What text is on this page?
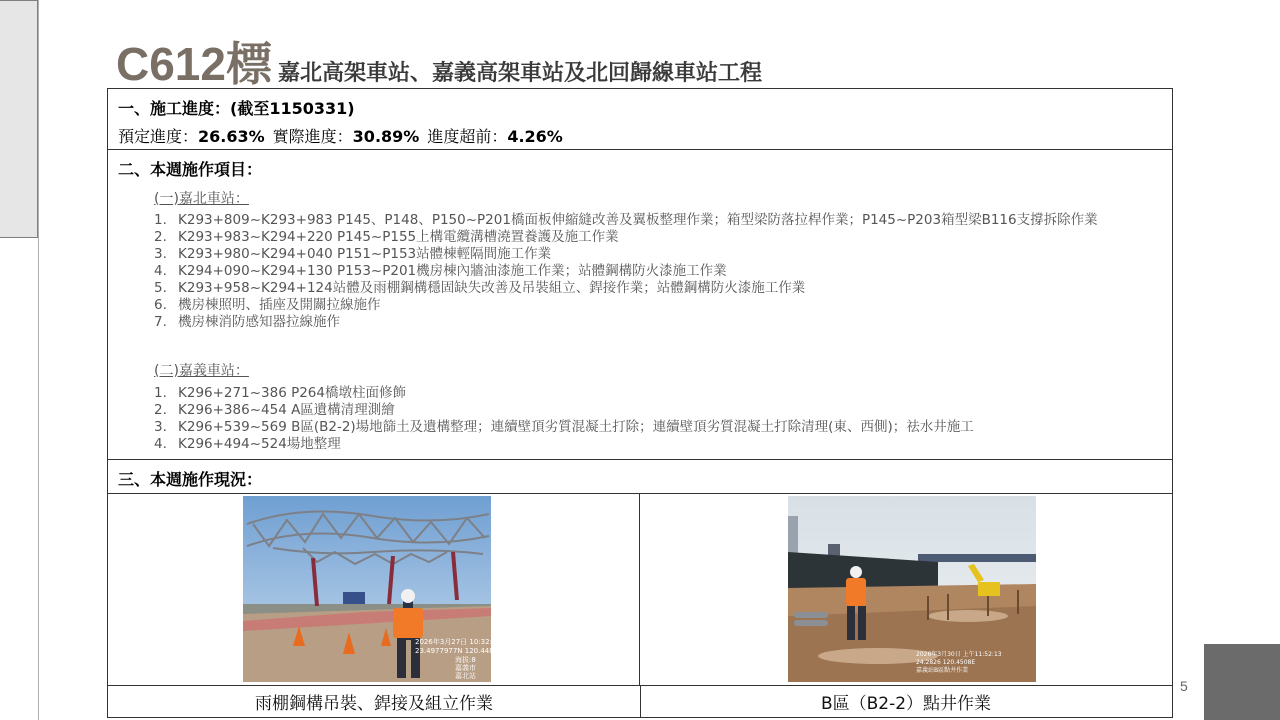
C612標 嘉北高架車站、嘉義高架車站及北回歸線車站工程
一、施工進度：(截至1150331)
預定進度：26.63% 實際進度：30.89% 進度超前：4.26%
二、本週施作項目：
(一)嘉北車站：
1. K293+809~K293+983 P145、P148、P150~P201橋面板伸縮縫改善及翼板整理作業；箱型梁防落拉桿作業；P145~P203箱型梁B116支撐拆除作業
2. K293+983~K294+220 P145~P155上構電纜溝槽澆置養護及施工作業
3. K293+980~K294+040 P151~P153站體棟輕隔間施工作業
4. K294+090~K294+130 P153~P201機房棟內牆油漆施工作業；站體鋼構防火漆施工作業
5. K293+958~K294+124站體及雨棚鋼構穩固缺失改善及吊裝組立、銲接作業；站體鋼構防火漆施工作業
6. 機房棟照明、插座及開關拉線施作
7. 機房棟消防感知器拉線施作
(二)嘉義車站：
1. K296+271~386 P264橋墩柱面修飾
2. K296+386~454 A區遺構清理測繪
3. K296+539~569 B區(B2-2)場地篩土及遺構整理；連續壁頂劣質混凝土打除；連續壁頂劣質混凝土打除清理(東、西側)；祛水井施工
4. K296+494~524場地整理
三、本週施作現況：
2026年3月27日 10:32:07
23.4977977N 120.44872308E
海拔:8
嘉義市
嘉北站
2026年3月30日 上午11:52:13
24.2826 120.4508E
嘉義站B區點井作業
雨棚鋼構吊裝、銲接及組立作業	B區（B2-2）點井作業
5
